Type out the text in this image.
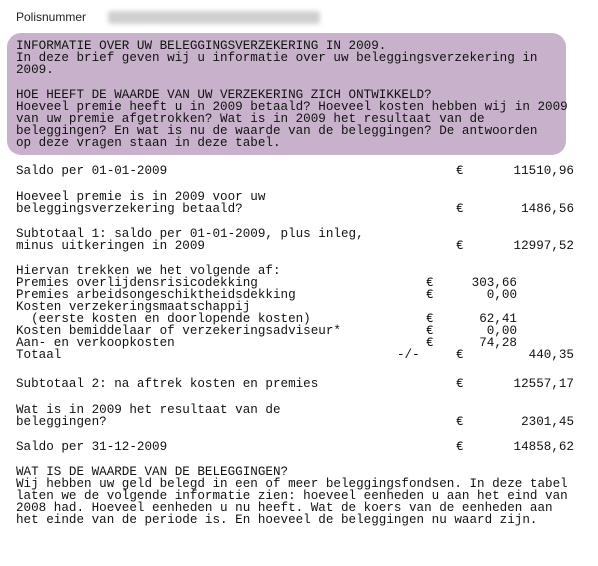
Polisnummer
INFORMATIE OVER UW BELEGGINGSVERZEKERING IN 2009.
In deze brief geven wij u informatie over uw beleggingsverzekering in
2009.
HOE HEEFT DE WAARDE VAN UW VERZEKERING ZICH ONTWIKKELD?
Hoeveel premie heeft u in 2009 betaald? Hoeveel kosten hebben wij in 2009
van uw premie afgetrokken? Wat is in 2009 het resultaat van de
beleggingen? En wat is nu de waarde van de beleggingen? De antwoorden
op deze vragen staan in deze tabel.
Saldo per 01-01-2009	€	11510,96
Hoeveel premie is in 2009 voor uw
beleggingsverzekering betaald?	€	1486,56
Subtotaal 1: saldo per 01-01-2009, plus inleg,
minus uitkeringen in 2009	€	12997,52
Hiervan trekken we het volgende af:
Premies overlijdensrisicodekking	€	303,66
Premies arbeidsongeschiktheidsdekking	€	0,00
Kosten verzekeringsmaatschappij
(eerste kosten en doorlopende kosten)	€	62,41
Kosten bemiddelaar of verzekeringsadviseur*	€	0,00
Aan- en verkoopkosten	€	74,28
Totaal	-/-	€	440,35
Subtotaal 2: na aftrek kosten en premies	€	12557,17
Wat is in 2009 het resultaat van de
beleggingen?	€	2301,45
Saldo per 31-12-2009	€	14858,62
WAT IS DE WAARDE VAN DE BELEGGINGEN?
Wij hebben uw geld belegd in een of meer beleggingsfondsen. In deze tabel
laten we de volgende informatie zien: hoeveel eenheden u aan het eind van
2008 had. Hoeveel eenheden u nu heeft. Wat de koers van de eenheden aan
het einde van de periode is. En hoeveel de beleggingen nu waard zijn.
